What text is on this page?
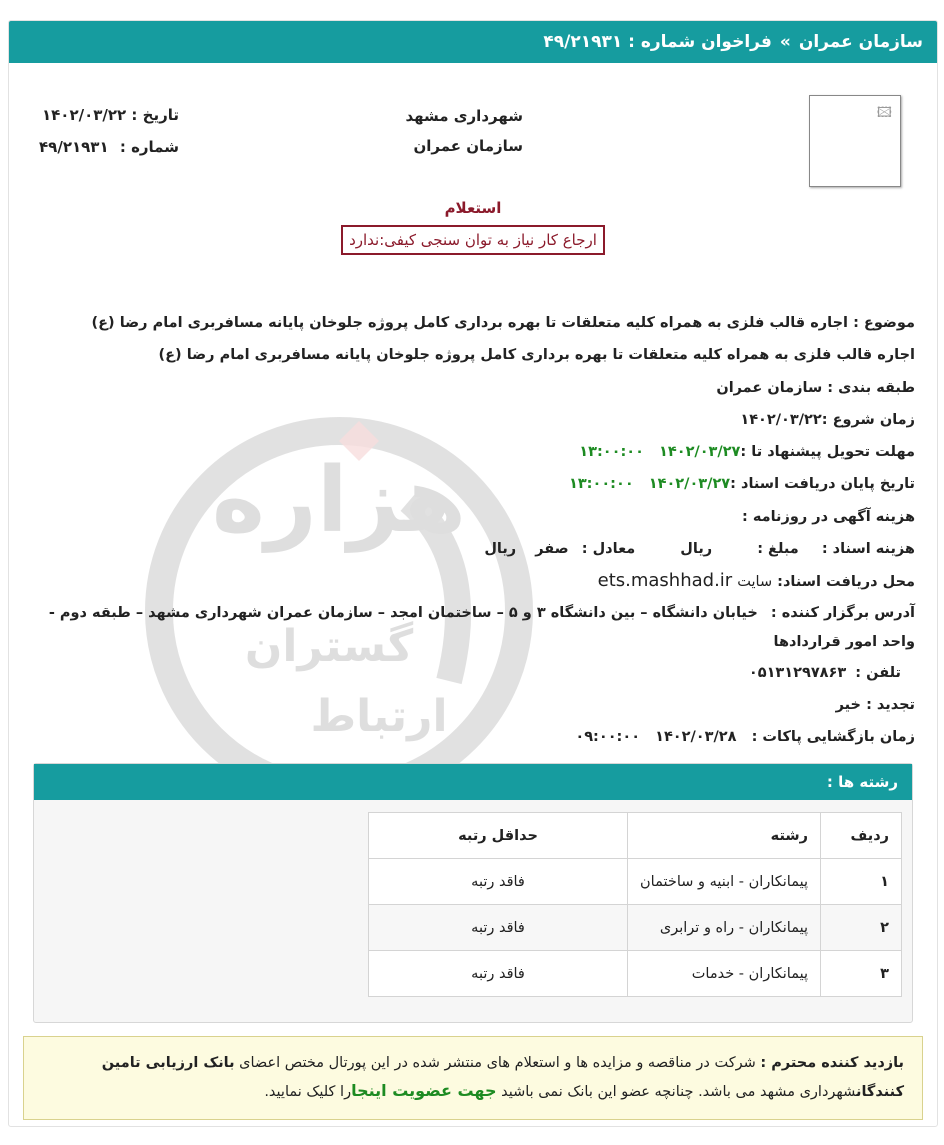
سازمان عمران
»
فراخوان شماره : ۴۹/۲۱۹۳۱
هزاره
گستران
ارتباط
🖾
شهرداری مشهد
سازمان عمران
تاریخ : ۱۴۰۲/۰۳/۲۲
شماره : ۴۹/۲۱۹۳۱
استعلام
ارجاع کار نیاز به توان سنجی کیفی:ندارد
موضوع : اجاره قالب فلزی به همراه کلیه متعلقات تا بهره برداری کامل پروژه جلوخان پایانه مسافربری امام رضا (ع)
اجاره قالب فلزی به همراه کلیه متعلقات تا بهره برداری کامل پروژه جلوخان پایانه مسافربری امام رضا (ع)
طبقه بندی : سازمان عمران
زمان شروع :۱۴۰۲/۰۳/۲۲
مهلت تحویل پیشنهاد تا :۱۴۰۲/۰۳/۲۷ ۱۳:۰۰:۰۰
تاریخ پایان دریافت اسناد :۱۴۰۲/۰۳/۲۷ ۱۳:۰۰:۰۰
هزینه آگهی در روزنامه :
هزینه اسناد : مبلغ : ریال معادل : صفر ریال
محل دریافت اسناد: سایت ets.mashhad.ir
آدرس برگزار کننده : خیابان دانشگاه – بین دانشگاه ۳ و ۵ – ساختمان امجد – سازمان عمران شهرداری مشهد – طبقه دوم - واحد امور قراردادها
تلفن : ۰۵۱۳۱۲۹۷۸۶۳
تجدید : خیر
زمان بازگشایی پاکات : ۱۴۰۲/۰۳/۲۸ ۰۹:۰۰:۰۰
رشته ها :
ردیف	رشته	حداقل رتبه
۱	پیمانکاران - ابنیه و ساختمان	فاقد رتبه
۲	پیمانکاران - راه و ترابری	فاقد رتبه
۳	پیمانکاران - خدمات	فاقد رتبه
بازدید کننده محترم : شرکت در مناقصه و مزایده ها و استعلام های منتشر شده در این پورتال مختص اعضای بانک ارزیابی تامین کنندگانشهرداری مشهد می باشد. چنانچه عضو این بانک نمی باشید جهت عضویت اینجارا کلیک نمایید.
